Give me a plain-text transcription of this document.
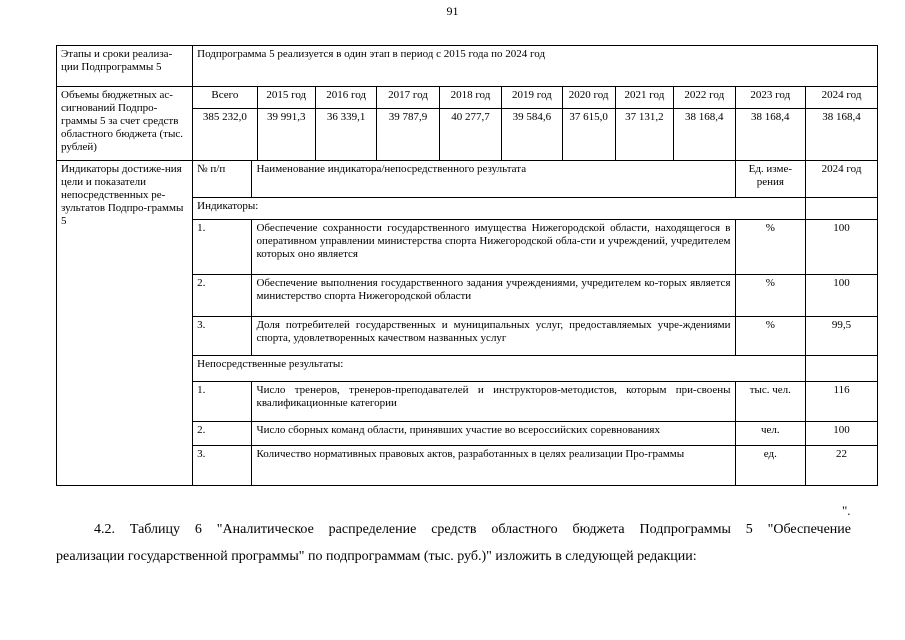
91
Этапы и сроки реализа-ции Подпрограммы 5	Подпрограмма 5 реализуется в один этап в период с 2015 года по 2024 год											
Объемы бюджетных ас-сигнований Подпро-граммы 5 за счет средств областного бюджета (тыс. рублей)	Всего		2015 год	2016 год	2017 год	2018 год	2019 год	2020 год	2021 год	2022 год	2023 год	2024 год
	385 232,0		39 991,3	36 339,1	39 787,9	40 277,7	39 584,6	37 615,0	37 131,2	38 168,4	38 168,4	38 168,4
Индикаторы достиже-ния цели и показатели непосредственных ре-зультатов Подпро-граммы 5	№ п/п	Наименование индикатора/непосредственного результата									Ед. изме-рения	2024 год
	Индикаторы:											
	1.	Обеспечение сохранности государственного имущества Нижегородской области, находящегося в оперативном управлении министерства спорта Нижегородской обла-сти и учреждений, учредителем которых оно является									%	100
	2.	Обеспечение выполнения государственного задания учреждениями, учредителем ко-торых является министерство спорта Нижегородской области									%	100
	3.	Доля потребителей государственных и муниципальных услуг, предоставляемых учре-ждениями спорта, удовлетворенных качеством названных услуг									%	99,5
	Непосредственные результаты:											
	1.	Число тренеров, тренеров-преподавателей и инструкторов-методистов, которым при-своены квалификационные категории									тыс. чел.	116
	2.	Число сборных команд области, принявших участие во всероссийских соревнованиях									чел.	100
	3.	Количество нормативных правовых актов, разработанных в целях реализации Про-граммы									ед.	22
".
4.2. Таблицу 6 "Аналитическое распределение средств областного бюджета Подпрограммы 5 "Обеспечение
реализации государственной программы" по подпрограммам (тыс. руб.)" изложить в следующей редакции:
